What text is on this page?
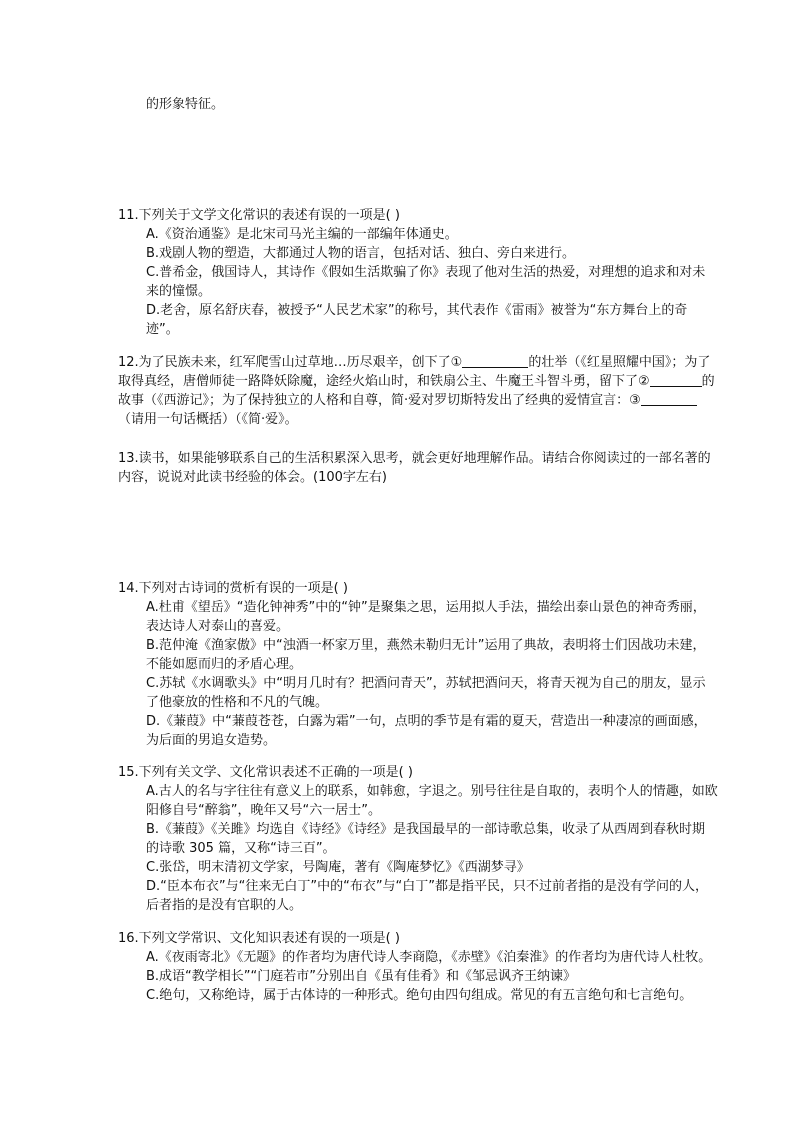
的形象特征。
11.下列关于文学文化常识的表述有误的一项是( )
A.《资治通鉴》是北宋司马光主编的一部编年体通史。
B.戏剧人物的塑造，大都通过人物的语言，包括对话、独白、旁白来进行。
C.普希金，俄国诗人，其诗作《假如生活欺骗了你》表现了他对生活的热爱，对理想的追求和对未来的憧憬。
D.老舍，原名舒庆春，被授予“人民艺术家”的称号，其代表作《雷雨》被誉为“东方舞台上的奇迹”。
12.为了民族未来，红军爬雪山过草地…历尽艰辛，创下了①	的壮举（《红星照耀中国》；为了取得真经，唐僧师徒一路降妖除魔，途经火焰山时，和铁扇公主、牛魔王斗智斗勇，留下了②	的故事（《西游记》；为了保持独立的人格和自尊，简·爱对罗切斯特发出了经典的爱情宣言：③（请用一句话概括）（《简·爱》。
13.读书，如果能够联系自己的生活积累深入思考，就会更好地理解作品。请结合你阅读过的一部名著的内容，说说对此读书经验的体会。(100字左右)
14.下列对古诗词的赏析有误的一项是( )
A.杜甫《望岳》“造化钟神秀”中的“钟”是聚集之思，运用拟人手法，描绘出泰山景色的神奇秀丽，表达诗人对泰山的喜爱。
B.范仲淹《渔家傲》中“浊酒一杯家万里，燕然未勒归无计”运用了典故，表明将士们因战功未建，不能如愿而归的矛盾心理。
C.苏轼《水调歌头》中“明月几时有？把酒问青天”，苏轼把酒问天，将青天视为自己的朋友，显示了他豪放的性格和不凡的气魄。
D.《蒹葭》中“蒹葭苍苍，白露为霜”一句，点明的季节是有霜的夏天，营造出一种凄凉的画面感，为后面的男追女造势。
15.下列有关文学、文化常识表述不正确的一项是( )
A.古人的名与字往往有意义上的联系，如韩愈，字退之。别号往往是自取的，表明个人的情趣，如欧阳修自号“醉翁”，晚年又号“六一居士”。
B.《蒹葭》《关雎》均选自《诗经》《诗经》是我国最早的一部诗歌总集，收录了从西周到春秋时期的诗歌 305 篇，又称“诗三百”。
C.张岱，明末清初文学家，号陶庵，著有《陶庵梦忆》《西湖梦寻》
D.“臣本布衣”与“往来无白丁”中的“布衣”与“白丁”都是指平民，只不过前者指的是没有学问的人，后者指的是没有官职的人。
16.下列文学常识、文化知识表述有误的一项是( )
A.《夜雨寄北》《无题》的作者均为唐代诗人李商隐，《赤壁》《泊秦淮》的作者均为唐代诗人杜牧。
B.成语“教学相长”“门庭若市”分别出自《虽有佳肴》和《邹忌讽齐王纳谏》
C.绝句，又称绝诗，属于古体诗的一种形式。绝句由四句组成。常见的有五言绝句和七言绝句。
